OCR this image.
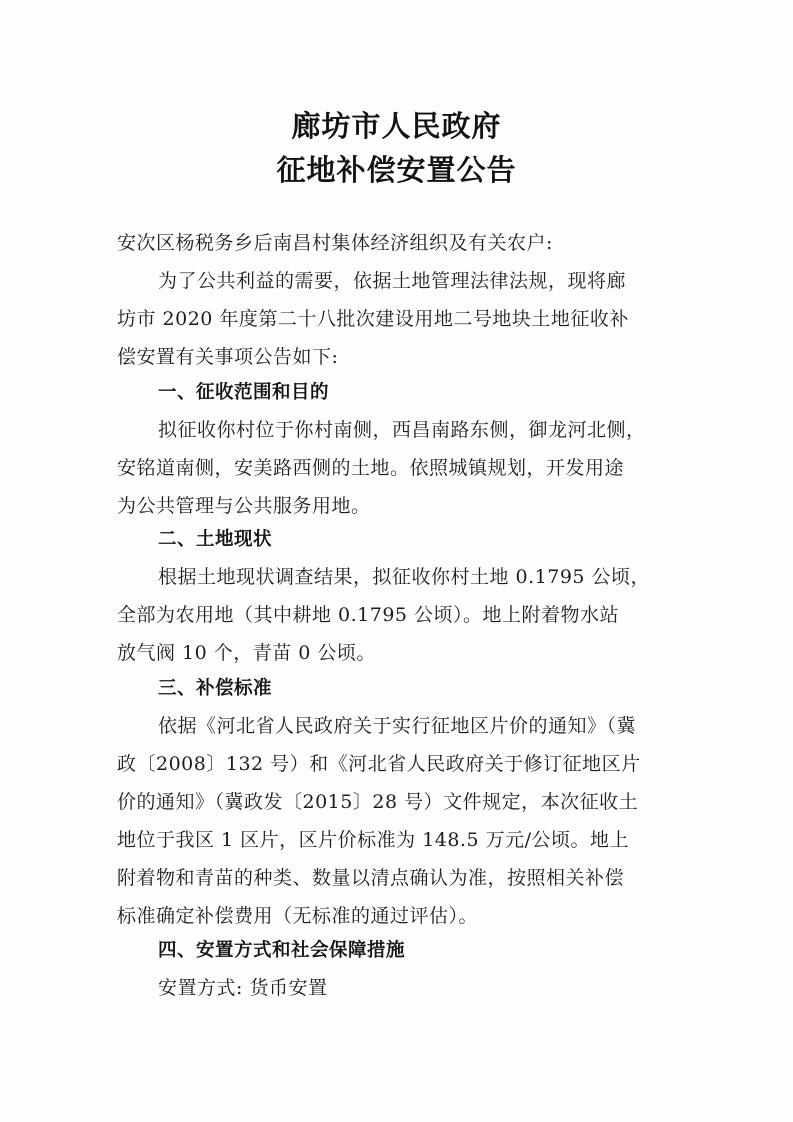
廊坊市人民政府
征地补偿安置公告
安次区杨税务乡后南昌村集体经济组织及有关农户:
为了公共利益的需要，依据土地管理法律法规，现将廊
坊市 2020 年度第二十八批次建设用地二号地块土地征收补
偿安置有关事项公告如下:
一、征收范围和目的
拟征收你村位于你村南侧，西昌南路东侧，御龙河北侧，
安铭道南侧，安美路西侧的土地。依照城镇规划，开发用途
为公共管理与公共服务用地。
二、土地现状
根据土地现状调查结果，拟征收你村土地 0.1795 公顷，
全部为农用地（其中耕地 0.1795 公顷）。地上附着物水站
放气阀 10 个，青苗 0 公顷。
三、补偿标准
依据《河北省人民政府关于实行征地区片价的通知》（冀
政〔2008〕132 号）和《河北省人民政府关于修订征地区片
价的通知》（冀政发〔2015〕28 号）文件规定，本次征收土
地位于我区 1 区片，区片价标准为 148.5 万元/公顷。地上
附着物和青苗的种类、数量以清点确认为准，按照相关补偿
标准确定补偿费用（无标准的通过评估）。
四、安置方式和社会保障措施
安置方式: 货币安置
